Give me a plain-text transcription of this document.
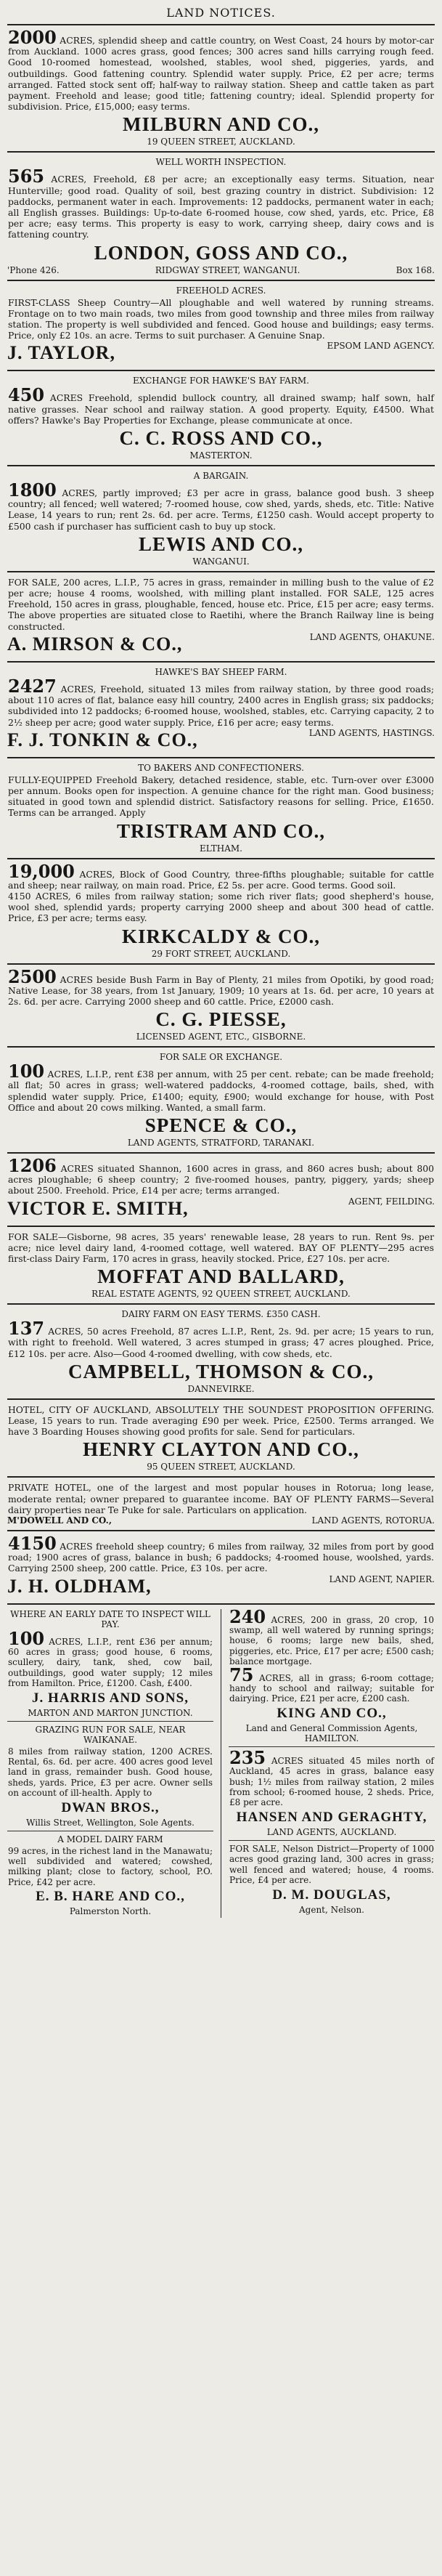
LAND NOTICES.

2000 ACRES, splendid sheep and cattle country, on West Coast, 24 hours by motor-car from Auckland. 1000 acres grass, good fences; 300 acres sand hills carrying rough feed. Good 10-roomed homestead, woolshed, stables, wool shed, piggeries, yards, and outbuildings. Good fattening country. Splendid water supply. Price, £2 per acre; terms arranged. Fatted stock sent off; half-way to railway station. Sheep and cattle taken as part payment. Freehold and lease; good title; fattening country; ideal. Splendid property for subdivision. Price, £15,000; easy terms.

MILBURN AND CO.,
19 QUEEN STREET, AUCKLAND.
WELL WORTH INSPECTION.

565 ACRES, Freehold, £8 per acre; an exceptionally easy terms. Situation, near Hunterville; good road. Quality of soil, best grazing country in district. Subdivision: 12 paddocks, permanent water in each. Improvements: 12 paddocks, permanent water in each; all English grasses. Buildings: Up-to-date 6-roomed house, cow shed, yards, etc. Price, £8 per acre; easy terms. This property is easy to work, carrying sheep, dairy cows and is fattening country.

LONDON, GOSS AND CO.,
'Phone 426.	RIDGWAY STREET, WANGANUI.	Box 168.
FREEHOLD ACRES.

FIRST-CLASS Sheep Country—All ploughable and well watered by running streams. Frontage on to two main roads, two miles from good township and three miles from railway station. The property is well subdivided and fenced. Good house and buildings; easy terms. Price, only £2 10s. an acre. Terms to suit purchaser. A Genuine Snap.

J. TAYLOR,	EPSOM LAND AGENCY.
EXCHANGE FOR HAWKE'S BAY FARM.

450 ACRES Freehold, splendid bullock country, all drained swamp; half sown, half native grasses. Near school and railway station. A good property. Equity, £4500. What offers? Hawke's Bay Properties for Exchange, please communicate at once.

C. C. ROSS AND CO.,
MASTERTON.
A BARGAIN.

1800 ACRES, partly improved; £3 per acre in grass, balance good bush. 3 sheep country; all fenced; well watered; 7-roomed house, cow shed, yards, sheds, etc. Title: Native Lease, 14 years to run; rent 2s. 6d. per acre. Terms, £1250 cash. Would accept property to £500 cash if purchaser has sufficient cash to buy up stock.

LEWIS AND CO.,
WANGANUI.

FOR SALE, 200 acres, L.I.P., 75 acres in grass, remainder in milling bush to the value of £2 per acre; house 4 rooms, woolshed, with milling plant installed. FOR SALE, 125 acres Freehold, 150 acres in grass, ploughable, fenced, house etc. Price, £15 per acre; easy terms. The above properties are situated close to Raetihi, where the Branch Railway line is being constructed.

A. MIRSON & CO.,	LAND AGENTS, OHAKUNE.
HAWKE'S BAY SHEEP FARM.

2427 ACRES, Freehold, situated 13 miles from railway station, by three good roads; about 110 acres of flat, balance easy hill country, 2400 acres in English grass; six paddocks; subdivided into 12 paddocks; 6-roomed house, woolshed, stables, etc. Carrying capacity, 2 to 2½ sheep per acre; good water supply. Price, £16 per acre; easy terms.

F. J. TONKIN & CO.,	LAND AGENTS, HASTINGS.
TO BAKERS AND CONFECTIONERS.

FULLY-EQUIPPED Freehold Bakery, detached residence, stable, etc. Turn-over over £3000 per annum. Books open for inspection. A genuine chance for the right man. Good business; situated in good town and splendid district. Satisfactory reasons for selling. Price, £1650. Terms can be arranged. Apply

TRISTRAM AND CO.,
ELTHAM.

19,000 ACRES, Block of Good Country, three-fifths ploughable; suitable for cattle and sheep; near railway, on main road. Price, £2 5s. per acre. Good terms. Good soil.

4150 ACRES, 6 miles from railway station; some rich river flats; good shepherd's house, wool shed, splendid yards; property carrying 2000 sheep and about 300 head of cattle. Price, £3 per acre; terms easy.

KIRKCALDY & CO.,
29 FORT STREET, AUCKLAND.

2500 ACRES beside Bush Farm in Bay of Plenty, 21 miles from Opotiki, by good road; Native Lease, for 38 years, from 1st January, 1909; 10 years at 1s. 6d. per acre, 10 years at 2s. 6d. per acre. Carrying 2000 sheep and 60 cattle. Price, £2000 cash.

C. G. PIESSE,
LICENSED AGENT, ETC., GISBORNE.
FOR SALE OR EXCHANGE.

100 ACRES, L.I.P., rent £38 per annum, with 25 per cent. rebate; can be made freehold; all flat; 50 acres in grass; well-watered paddocks, 4-roomed cottage, bails, shed, with splendid water supply. Price, £1400; equity, £900; would exchange for house, with Post Office and about 20 cows milking. Wanted, a small farm.

SPENCE & CO.,
LAND AGENTS, STRATFORD, TARANAKI.

1206 ACRES situated Shannon, 1600 acres in grass, and 860 acres bush; about 800 acres ploughable; 6 sheep country; 2 five-roomed houses, pantry, piggery, yards; sheep about 2500. Freehold. Price, £14 per acre; terms arranged.

VICTOR E. SMITH,	AGENT, FEILDING.

FOR SALE—Gisborne, 98 acres, 35 years' renewable lease, 28 years to run. Rent 9s. per acre; nice level dairy land, 4-roomed cottage, well watered. BAY OF PLENTY—295 acres first-class Dairy Farm, 170 acres in grass, heavily stocked. Price, £27 10s. per acre.

MOFFAT AND BALLARD,
REAL ESTATE AGENTS, 92 QUEEN STREET, AUCKLAND.
DAIRY FARM ON EASY TERMS. £350 CASH.

137 ACRES, 50 acres Freehold, 87 acres L.I.P., Rent, 2s. 9d. per acre; 15 years to run, with right to freehold. Well watered, 3 acres stumped in grass; 47 acres ploughed. Price, £12 10s. per acre. Also—Good 4-roomed dwelling, with cow sheds, etc.

CAMPBELL, THOMSON & CO.,
DANNEVIRKE.

HOTEL, CITY OF AUCKLAND, ABSOLUTELY THE SOUNDEST PROPOSITION OFFERING. Lease, 15 years to run. Trade averaging £90 per week. Price, £2500. Terms arranged. We have 3 Boarding Houses showing good profits for sale. Send for particulars.

HENRY CLAYTON AND CO.,
95 QUEEN STREET, AUCKLAND.

PRIVATE HOTEL, one of the largest and most popular houses in Rotorua; long lease, moderate rental; owner prepared to guarantee income. BAY OF PLENTY FARMS—Several dairy properties near Te Puke for sale. Particulars on application.

M'DOWELL AND CO.,	LAND AGENTS, ROTORUA.

4150 ACRES freehold sheep country; 6 miles from railway, 32 miles from port by good road; 1900 acres of grass, balance in bush; 6 paddocks; 4-roomed house, woolshed, yards. Carrying 2500 sheep, 200 cattle. Price, £3 10s. per acre.

J. H. OLDHAM,	LAND AGENT, NAPIER.
WHERE AN EARLY DATE TO INSPECT WILL PAY.

100 ACRES, L.I.P., rent £36 per annum; 60 acres in grass; good house, 6 rooms, scullery, dairy, tank, shed, cow bail, outbuildings, good water supply; 12 miles from Hamilton. Price, £1200. Cash, £400.

J. HARRIS AND SONS,
MARTON AND MARTON JUNCTION.
GRAZING RUN FOR SALE, NEAR WAIKANAE.

8 miles from railway station, 1200 ACRES. Rental, 6s. 6d. per acre. 400 acres good level land in grass, remainder bush. Good house, sheds, yards. Price, £3 per acre. Owner sells on account of ill-health. Apply to

DWAN BROS.,
Willis Street, Wellington, Sole Agents.
A MODEL DAIRY FARM

99 acres, in the richest land in the Manawatu; well subdivided and watered; cowshed, milking plant; close to factory, school, P.O. Price, £42 per acre.

E. B. HARE AND CO.,
Palmerston North.

240 ACRES, 200 in grass, 20 crop, 10 swamp, all well watered by running springs; house, 6 rooms; large new bails, shed, piggeries, etc. Price, £17 per acre; £500 cash; balance mortgage.

75 ACRES, all in grass; 6-room cottage; handy to school and railway; suitable for dairying. Price, £21 per acre, £200 cash.

KING AND CO.,
Land and General Commission Agents, HAMILTON.

235 ACRES situated 45 miles north of Auckland, 45 acres in grass, balance easy bush; 1½ miles from railway station, 2 miles from school; 6-roomed house, 2 sheds. Price, £8 per acre.

HANSEN AND GERAGHTY,
LAND AGENTS, AUCKLAND.

FOR SALE, Nelson District—Property of 1000 acres good grazing land, 300 acres in grass; well fenced and watered; house, 4 rooms. Price, £4 per acre.

D. M. DOUGLAS,
Agent, Nelson.
